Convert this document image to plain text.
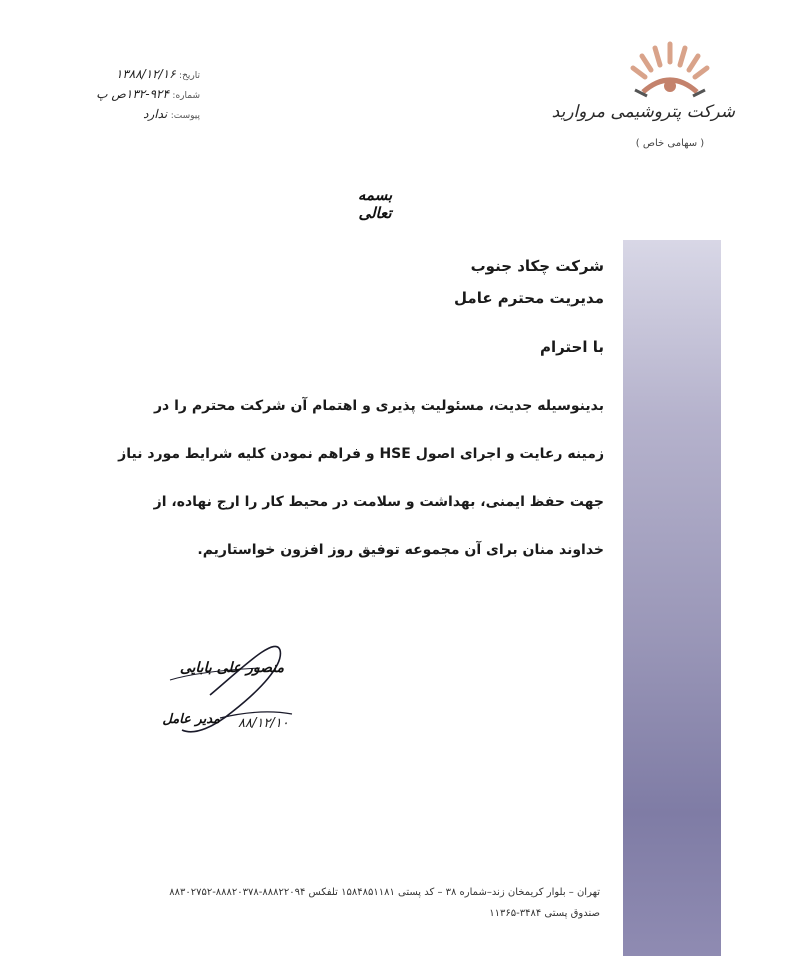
شرکت پتروشیمی مروارید
( سهامی خاص )
تاریخ: ۱۳۸۸/۱۲/۱۶
شماره: ۹۲۴-۱۳۲ص پ
پیوست: ندارد
بسمه تعالی
شرکت چکاد جنوب
مدیریت محترم عامل
با احترام
بدینوسیله جدیت، مسئولیت پذیری و اهتمام آن شرکت محترم را در
زمینه رعایت و اجرای اصول HSE و فراهم نمودن کلیه شرایط مورد نیاز
جهت حفظ ایمنی، بهداشت و سلامت در محیط کار را ارج نهاده، از
خداوند منان برای آن مجموعه توفیق روز افزون خواستاریم.
منصور علی بابایی
مدیر عامل ۸۸/۱۲/۱۰
تهران – بلوار کریمخان زند–شماره ۳۸ – کد پستی ۱۵۸۴۸۵۱۱۸۱ تلفکس ۸۸۸۲۲۰۹۴-۸۸۸۲۰۳۷۸-۸۸۳۰۲۷۵۲
صندوق پستی ۳۴۸۴-۱۱۳۶۵
